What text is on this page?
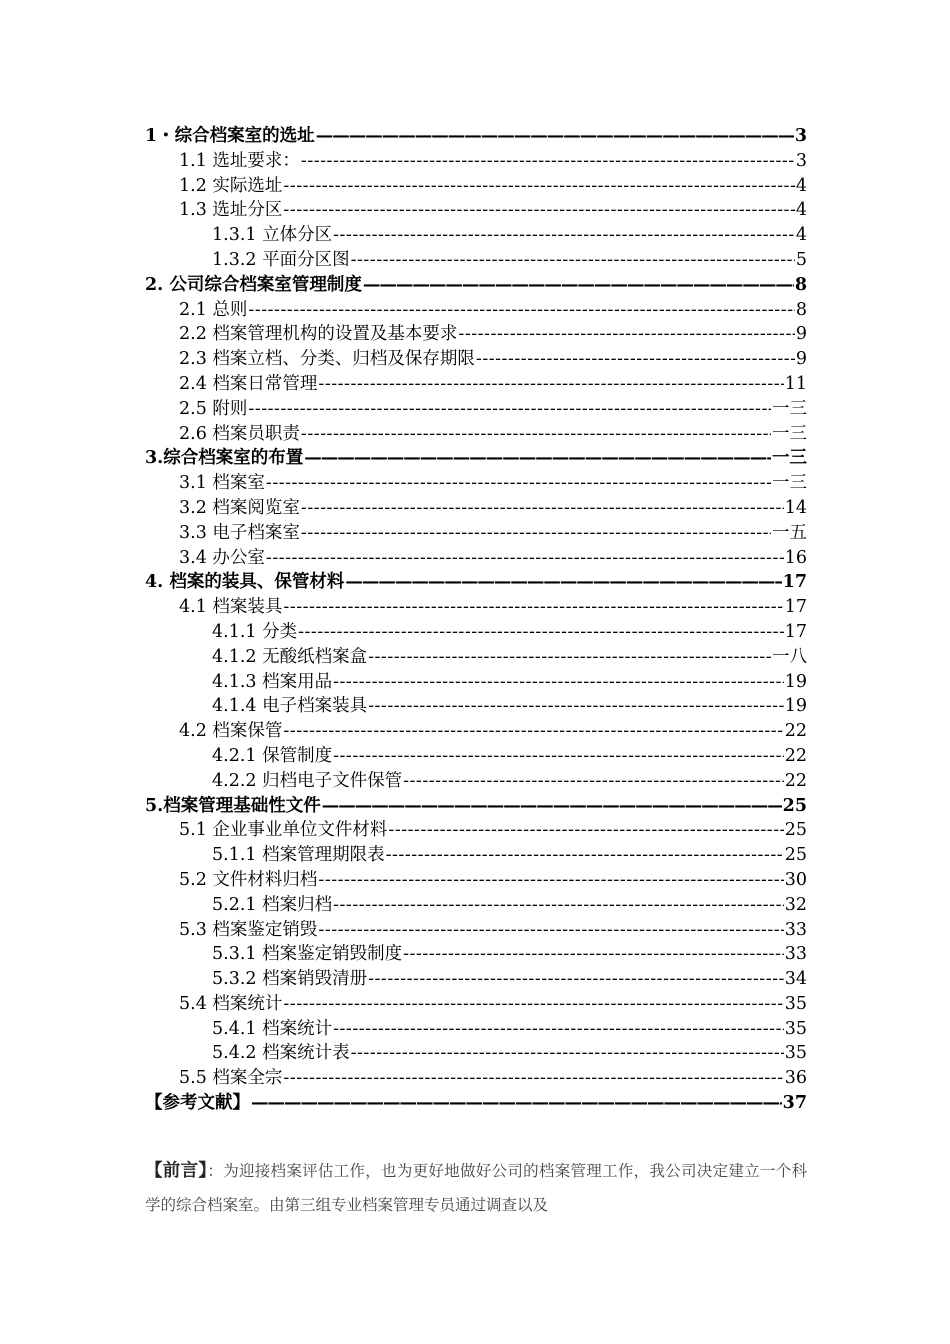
1・综合档案室的选址 —————	3
1.1 选址要求： -----	3
1.2 实际选址 -----	4
1.3 选址分区 -----	4
1.3.1 立体分区 -----	4
1.3.2 平面分区图 -----	5
2. 公司综合档案室管理制度 —————	8
2.1 总则 -----	8
2.2 档案管理机构的设置及基本要求 -----	9
2.3 档案立档、分类、归档及保存期限 -----	9
2.4 档案日常管理 -----	11
2.5 附则 -----	一三
2.6 档案员职责 -----	一三
3.综合档案室的布置 —————	一三
3.1 档案室 -----	一三
3.2 档案阅览室 -----	14
3.3 电子档案室 -----	一五
3.4 办公室 -----	16
4. 档案的装具、保管材料 —————	17
4.1 档案装具 -----	17
4.1.1 分类 -----	17
4.1.2 无酸纸档案盒 -----	一八
4.1.3 档案用品 -----	19
4.1.4 电子档案装具 -----	19
4.2 档案保管 -----	22
4.2.1 保管制度 -----	22
4.2.2 归档电子文件保管 -----	22
5.档案管理基础性文件 —————	25
5.1 企业事业单位文件材料 -----	25
5.1.1 档案管理期限表 -----	25
5.2 文件材料归档 -----	30
5.2.1 档案归档 -----	32
5.3 档案鉴定销毁 -----	33
5.3.1 档案鉴定销毁制度 -----	33
5.3.2 档案销毁清册 -----	34
5.4 档案统计 -----	35
5.4.1 档案统计 -----	35
5.4.2 档案统计表 -----	35
5.5 档案全宗 -----	36
【参考文献】 —————	37
【前言】：为迎接档案评估工作，也为更好地做好公司的档案管理工作，我公司决定建立一个科学的综合档案室。由第三组专业档案管理专员通过调查以及
